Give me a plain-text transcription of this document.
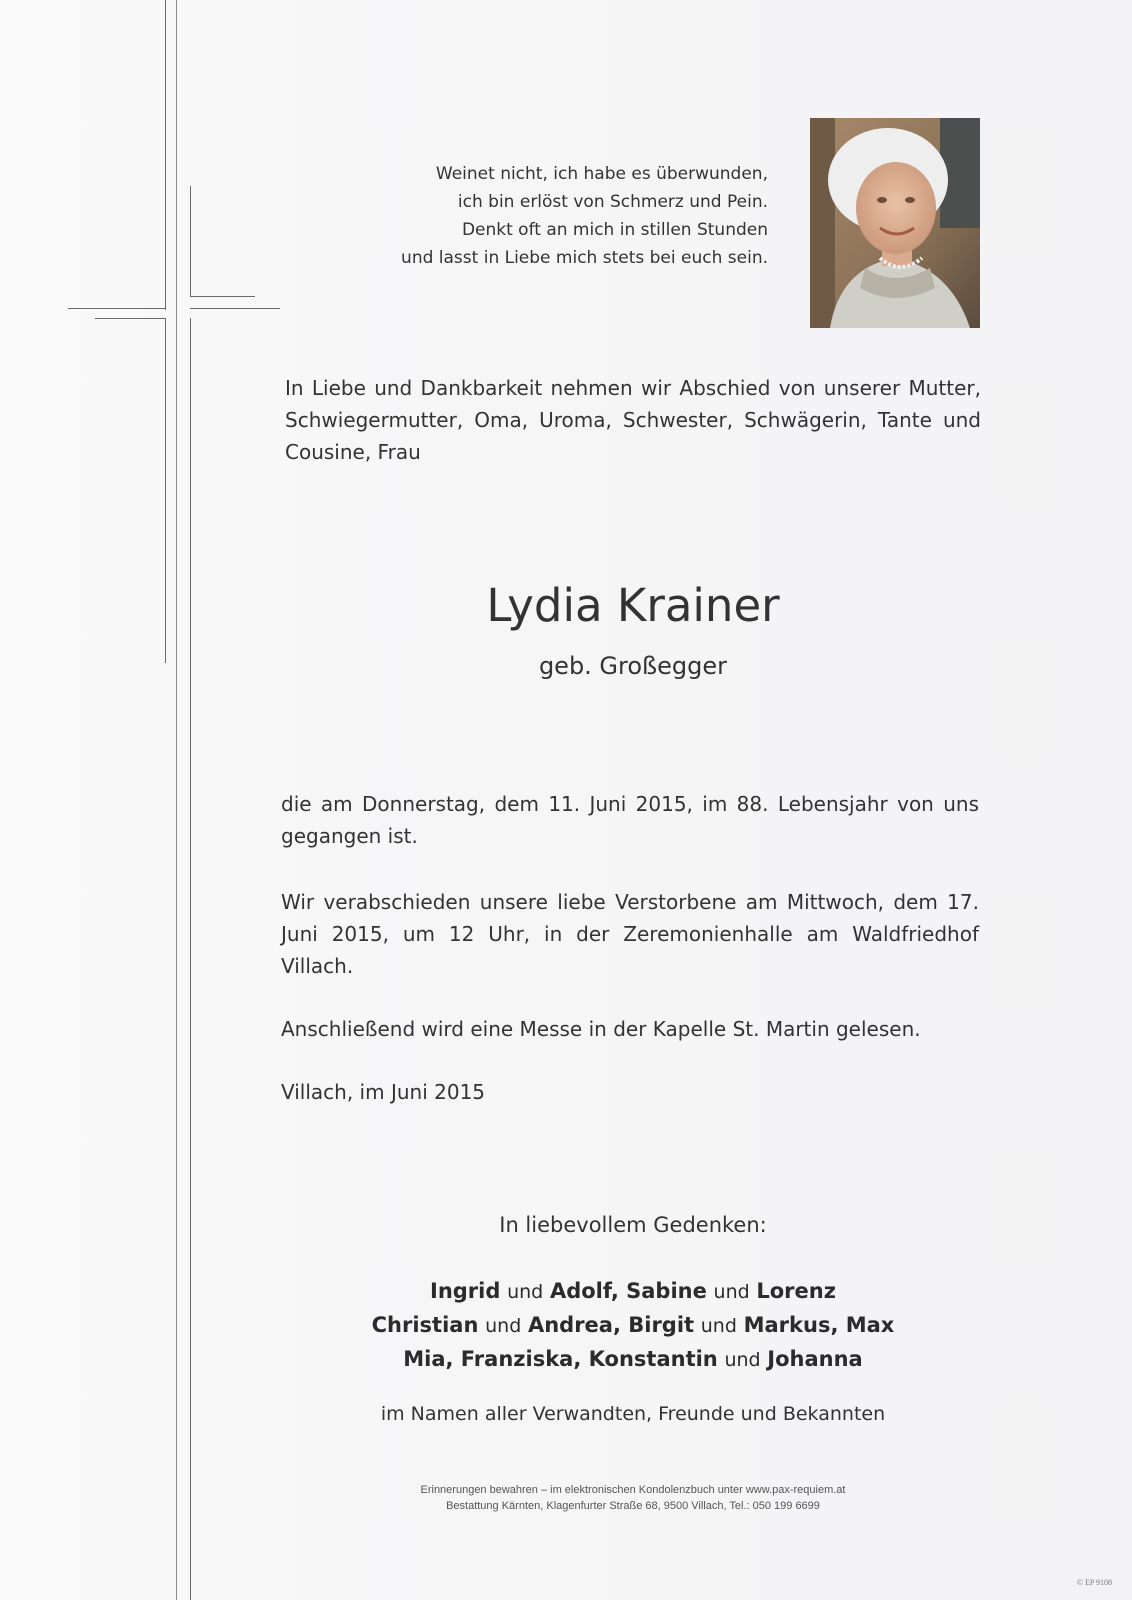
Weinet nicht, ich habe es überwunden,
ich bin erlöst von Schmerz und Pein.
Denkt oft an mich in stillen Stunden
und lasst in Liebe mich stets bei euch sein.
In Liebe und Dankbarkeit nehmen wir Abschied von unserer Mutter, Schwiegermutter, Oma, Uroma, Schwester, Schwägerin, Tante und Cousine, Frau
Lydia Krainer
geb. Großegger
die am Donnerstag, dem 11. Juni 2015, im 88. Lebensjahr von uns gegangen ist.
Wir verabschieden unsere liebe Verstorbene am Mittwoch, dem 17. Juni 2015, um 12 Uhr, in der Zeremonienhalle am Waldfriedhof Villach.
Anschließend wird eine Messe in der Kapelle St. Martin gelesen.
Villach, im Juni 2015
In liebevollem Gedenken:
Ingrid und Adolf, Sabine und Lorenz
Christian und Andrea, Birgit und Markus, Max
Mia, Franziska, Konstantin und Johanna
im Namen aller Verwandten, Freunde und Bekannten
Erinnerungen bewahren – im elektronischen Kondolenzbuch unter www.pax-requiem.at
Bestattung Kärnten, Klagenfurter Straße 68, 9500 Villach, Tel.: 050 199 6699
© EP 9108
